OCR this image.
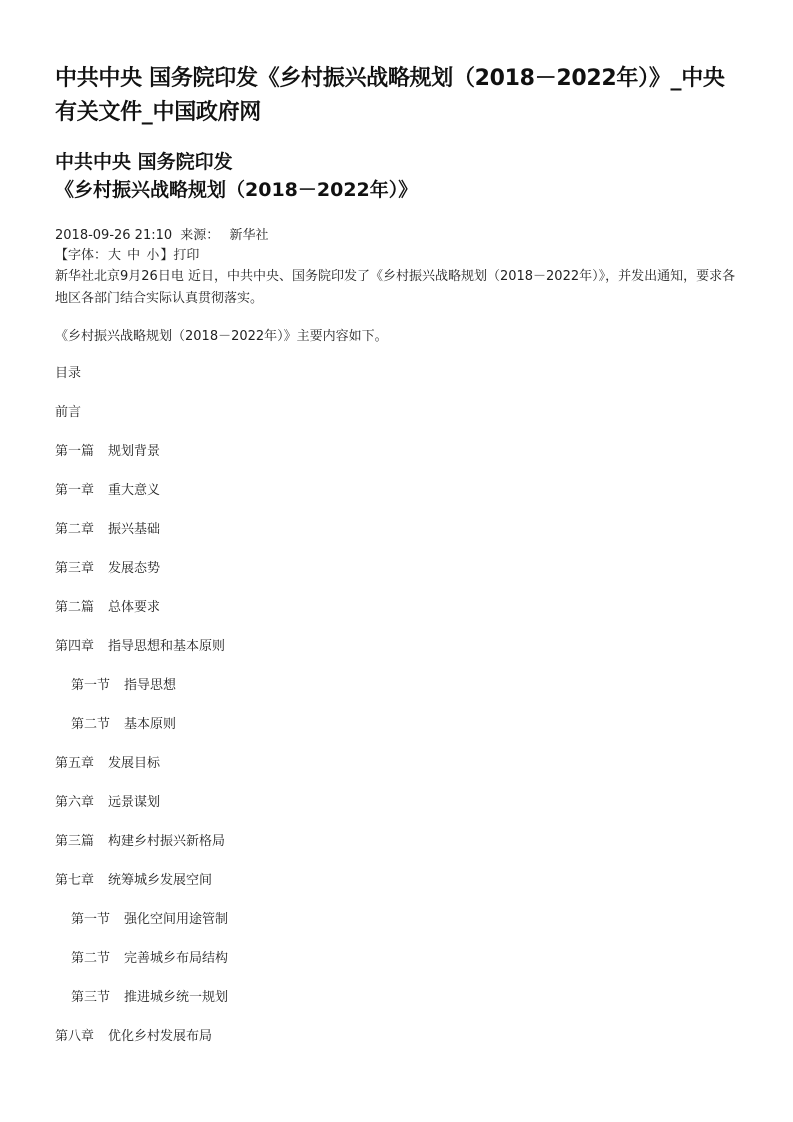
中共中央 国务院印发《乡村振兴战略规划（2018－2022年）》_中央有关文件_中国政府网
中共中央 国务院印发
《乡村振兴战略规划（2018－2022年）》
2018-09-26 21:10 来源： 新华社
【字体：大 中 小】打印

新华社北京9月26日电 近日，中共中央、国务院印发了《乡村振兴战略规划（2018－2022年）》，并发出通知，要求各地区各部门结合实际认真贯彻落实。

《乡村振兴战略规划（2018－2022年）》主要内容如下。

目录
前言
第一篇 规划背景
第一章 重大意义
第二章 振兴基础
第三章 发展态势
第二篇 总体要求
第四章 指导思想和基本原则
第一节 指导思想
第二节 基本原则
第五章 发展目标
第六章 远景谋划
第三篇 构建乡村振兴新格局
第七章 统筹城乡发展空间
第一节 强化空间用途管制
第二节 完善城乡布局结构
第三节 推进城乡统一规划
第八章 优化乡村发展布局
